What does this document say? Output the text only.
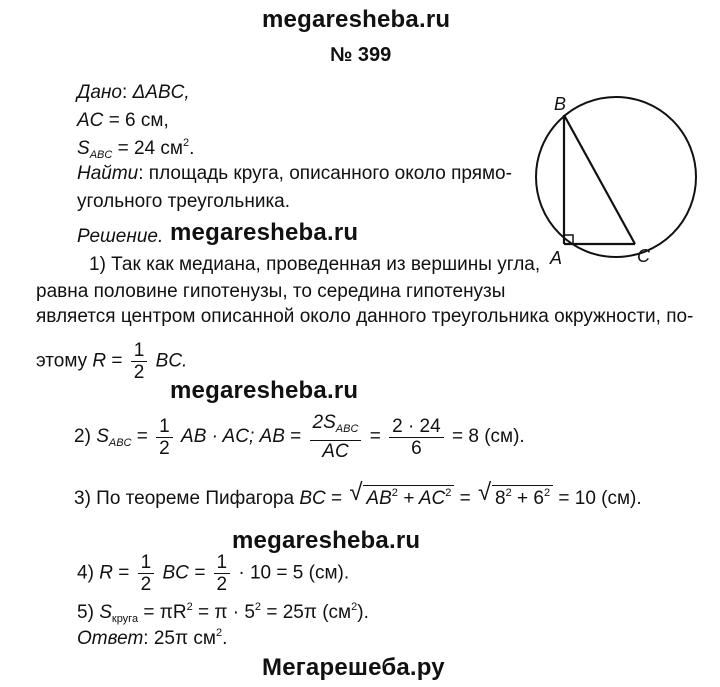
megaresheba.ru
№ 399
Дано: ΔABC,
AC = 6 см,
$S_{ABC} = 24$ $см^2$.
Найти: площадь круга, описанного около прямо-
угольного треугольника.
Решение. megaresheba.ru
1) Так как медиана, проведенная из вершины угла,
равна половине гипотенузы, то середина гипотенузы
является центром описанной около данного треугольника окружности, по-
этому $R = \frac{1}{2}$ BC.
megaresheba.ru
2) $S_{ABC} = \frac{1}{2}$ AB · AC; AB = $\frac{2S_{ABC}}{AC} = \frac{2 \cdot 24}{6} = 8$ (см).
3) По теореме Пифагора BC = √ $AB^2 + AC^2$ = √ $8^2 + 6^2 = 10$ (см).
megaresheba.ru
4) $R = \frac{1}{2}$ BC = $\frac{1}{2} \cdot 10 = 5$ (см).
5) $S_{круга} = \pi R^2 = \pi \cdot 5^2 = 25\pi$ $(см^2)$.
Ответ: 25π $см^2$.
Мегарешеба.ру
B
A	C
